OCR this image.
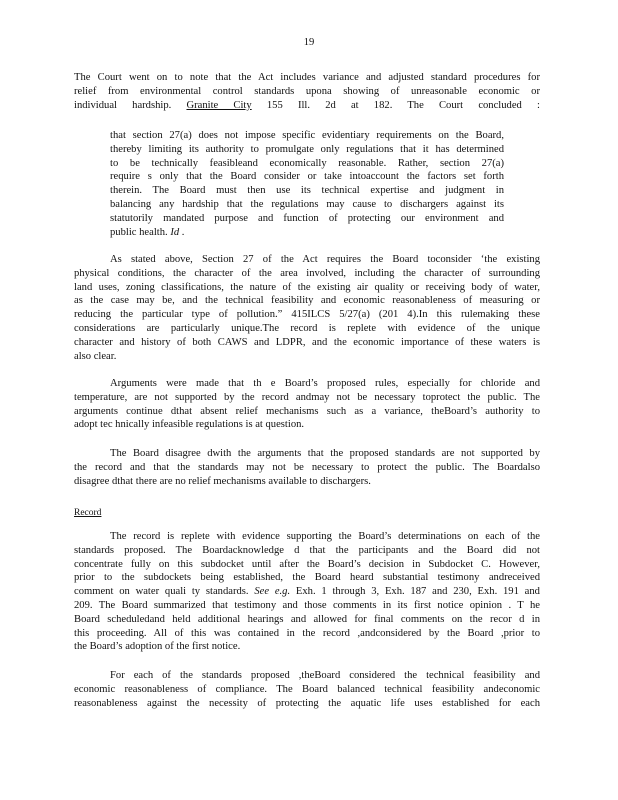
19
The Court went on to note that the Act includes variance and adjusted standard procedures for
relief from environmental control standards upona showing of unreasonable economic or
individual hardship. Granite City 155 Ill. 2d at 182. The Court concluded :
that section 27(a) does not impose specific evidentiary requirements on the Board,
thereby limiting its authority to promulgate only regulations that it has determined
to be technically feasibleand economically reasonable. Rather, section 27(a)
require s only that the Board consider or take intoaccount the factors set forth
therein. The Board must then use its technical expertise and judgment in
balancing any hardship that the regulations may cause to dischargers against its
statutorily mandated purpose and function of protecting our environment and
public health. Id .
As stated above, Section 27 of the Act requires the Board toconsider ‘the existing
physical conditions, the character of the area involved, including the character of surrounding
land uses, zoning classifications, the nature of the existing air quality or receiving body of water,
as the case may be, and the technical feasibility and economic reasonableness of measuring or
reducing the particular type of pollution.” 415ILCS 5/27(a) (201 4).In this rulemaking these
considerations are particularly unique.The record is replete with evidence of the unique
character and history of both CAWS and LDPR, and the economic importance of these waters is
also clear.
Arguments were made that th e Board’s proposed rules, especially for chloride and
temperature, are not supported by the record andmay not be necessary toprotect the public. The
arguments continue dthat absent relief mechanisms such as a variance, theBoard’s authority to
adopt tec hnically infeasible regulations is at question.
The Board disagree dwith the arguments that the proposed standards are not supported by
the record and that the standards may not be necessary to protect the public. The Boardalso
disagree dthat there are no relief mechanisms available to dischargers.
Record
The record is replete with evidence supporting the Board’s determinations on each of the
standards proposed. The Boardacknowledge d that the participants and the Board did not
concentrate fully on this subdocket until after the Board’s decision in Subdocket C. However,
prior to the subdockets being established, the Board heard substantial testimony andreceived
comment on water quali ty standards. See e.g. Exh. 1 through 3, Exh. 187 and 230, Exh. 191 and
209. The Board summarized that testimony and those comments in its first notice opinion . T he
Board scheduledand held additional hearings and allowed for final comments on the recor d in
this proceeding. All of this was contained in the record ,andconsidered by the Board ,prior to
the Board’s adoption of the first notice.
For each of the standards proposed ,theBoard considered the technical feasibility and
economic reasonableness of compliance. The Board balanced technical feasibility andeconomic
reasonableness against the necessity of protecting the aquatic life uses established for each
